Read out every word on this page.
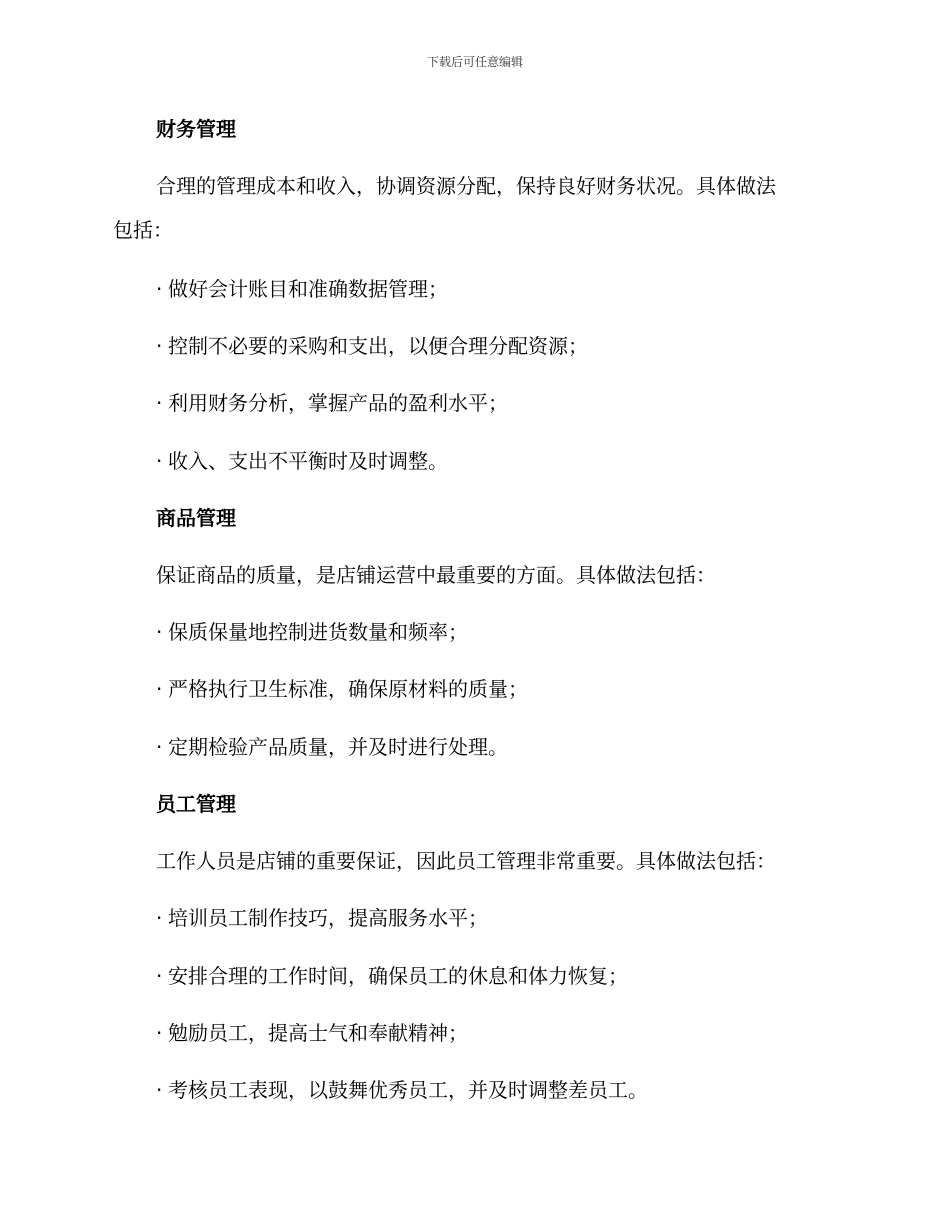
下载后可任意编辑
财务管理
合理的管理成本和收入，协调资源分配，保持良好财务状况。具体做法
包括：
· 做好会计账目和准确数据管理；
· 控制不必要的采购和支出，以便合理分配资源；
· 利用财务分析，掌握产品的盈利水平；
· 收入、支出不平衡时及时调整。
商品管理
保证商品的质量，是店铺运营中最重要的方面。具体做法包括：
· 保质保量地控制进货数量和频率；
· 严格执行卫生标准，确保原材料的质量；
· 定期检验产品质量，并及时进行处理。
员工管理
工作人员是店铺的重要保证，因此员工管理非常重要。具体做法包括：
· 培训员工制作技巧，提高服务水平；
· 安排合理的工作时间，确保员工的休息和体力恢复；
· 勉励员工，提高士气和奉献精神；
· 考核员工表现，以鼓舞优秀员工，并及时调整差员工。
